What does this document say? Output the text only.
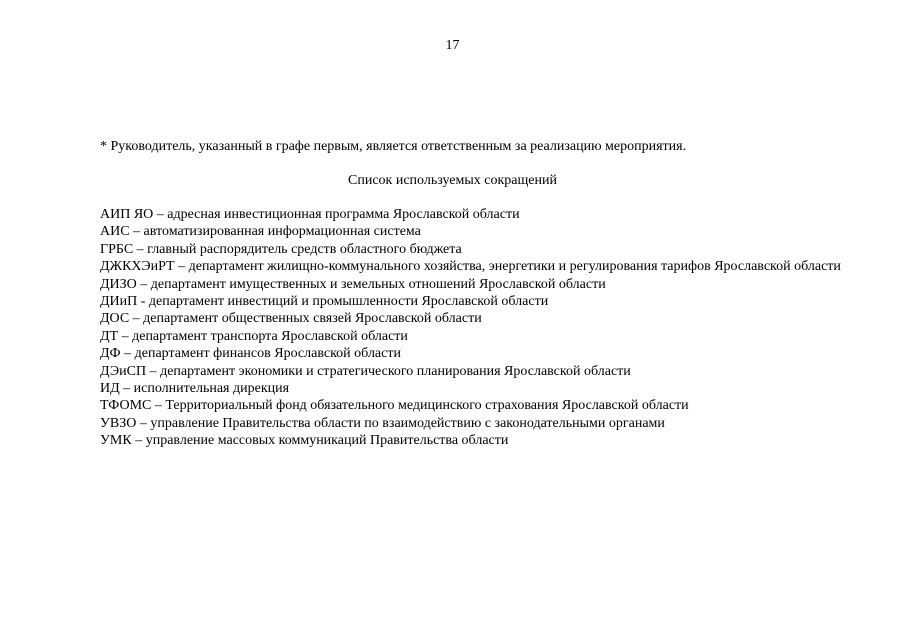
17
* Руководитель, указанный в графе первым, является ответственным за реализацию мероприятия.
Список используемых сокращений
АИП ЯО – адресная инвестиционная программа Ярославской области
АИС – автоматизированная информационная система
ГРБС – главный распорядитель средств областного бюджета
ДЖКХЭиРТ – департамент жилищно-коммунального хозяйства, энергетики и регулирования тарифов Ярославской области
ДИЗО – департамент имущественных и земельных отношений Ярославской области
ДИиП - департамент инвестиций и промышленности Ярославской области
ДОС – департамент общественных связей Ярославской области
ДТ – департамент транспорта Ярославской области
ДФ – департамент финансов Ярославской области
ДЭиСП – департамент экономики и стратегического планирования Ярославской области
ИД – исполнительная дирекция
ТФОМС – Территориальный фонд обязательного медицинского страхования Ярославской области
УВЗО – управление Правительства области по взаимодействию с законодательными органами
УМК – управление массовых коммуникаций Правительства области
